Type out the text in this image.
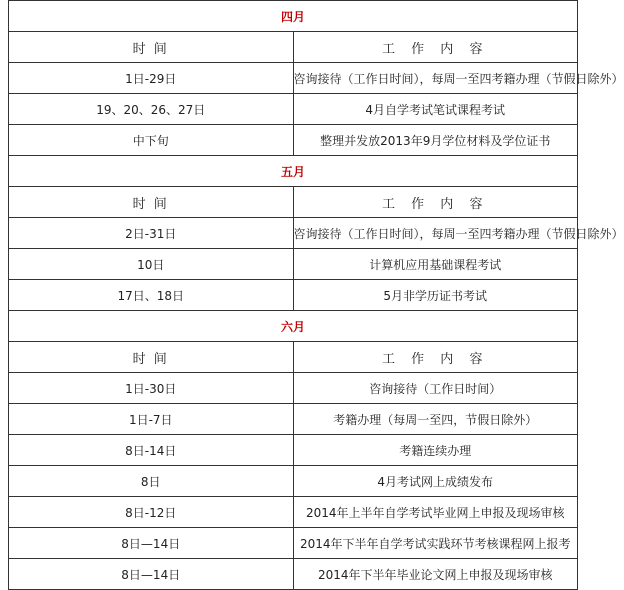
四月	
时 间	工 作 内 容
1日-29日	咨询接待（工作日时间），每周一至四考籍办理（节假日除外）
19、20、26、27日	4月自学考试笔试课程考试
中下旬	整理并发放2013年9月学位材料及学位证书
五月	
时 间	工 作 内 容
2日-31日	咨询接待（工作日时间），每周一至四考籍办理（节假日除外）
10日	计算机应用基础课程考试
17日、18日	5月非学历证书考试
六月	
时 间	工 作 内 容
1日-30日	咨询接待（工作日时间）
1日-7日	考籍办理（每周一至四，节假日除外）
8日-14日	考籍连续办理
8日	4月考试网上成绩发布
8日-12日	2014年上半年自学考试毕业网上申报及现场审核
8日—14日	2014年下半年自学考试实践环节考核课程网上报考
8日—14日	2014年下半年毕业论文网上申报及现场审核
